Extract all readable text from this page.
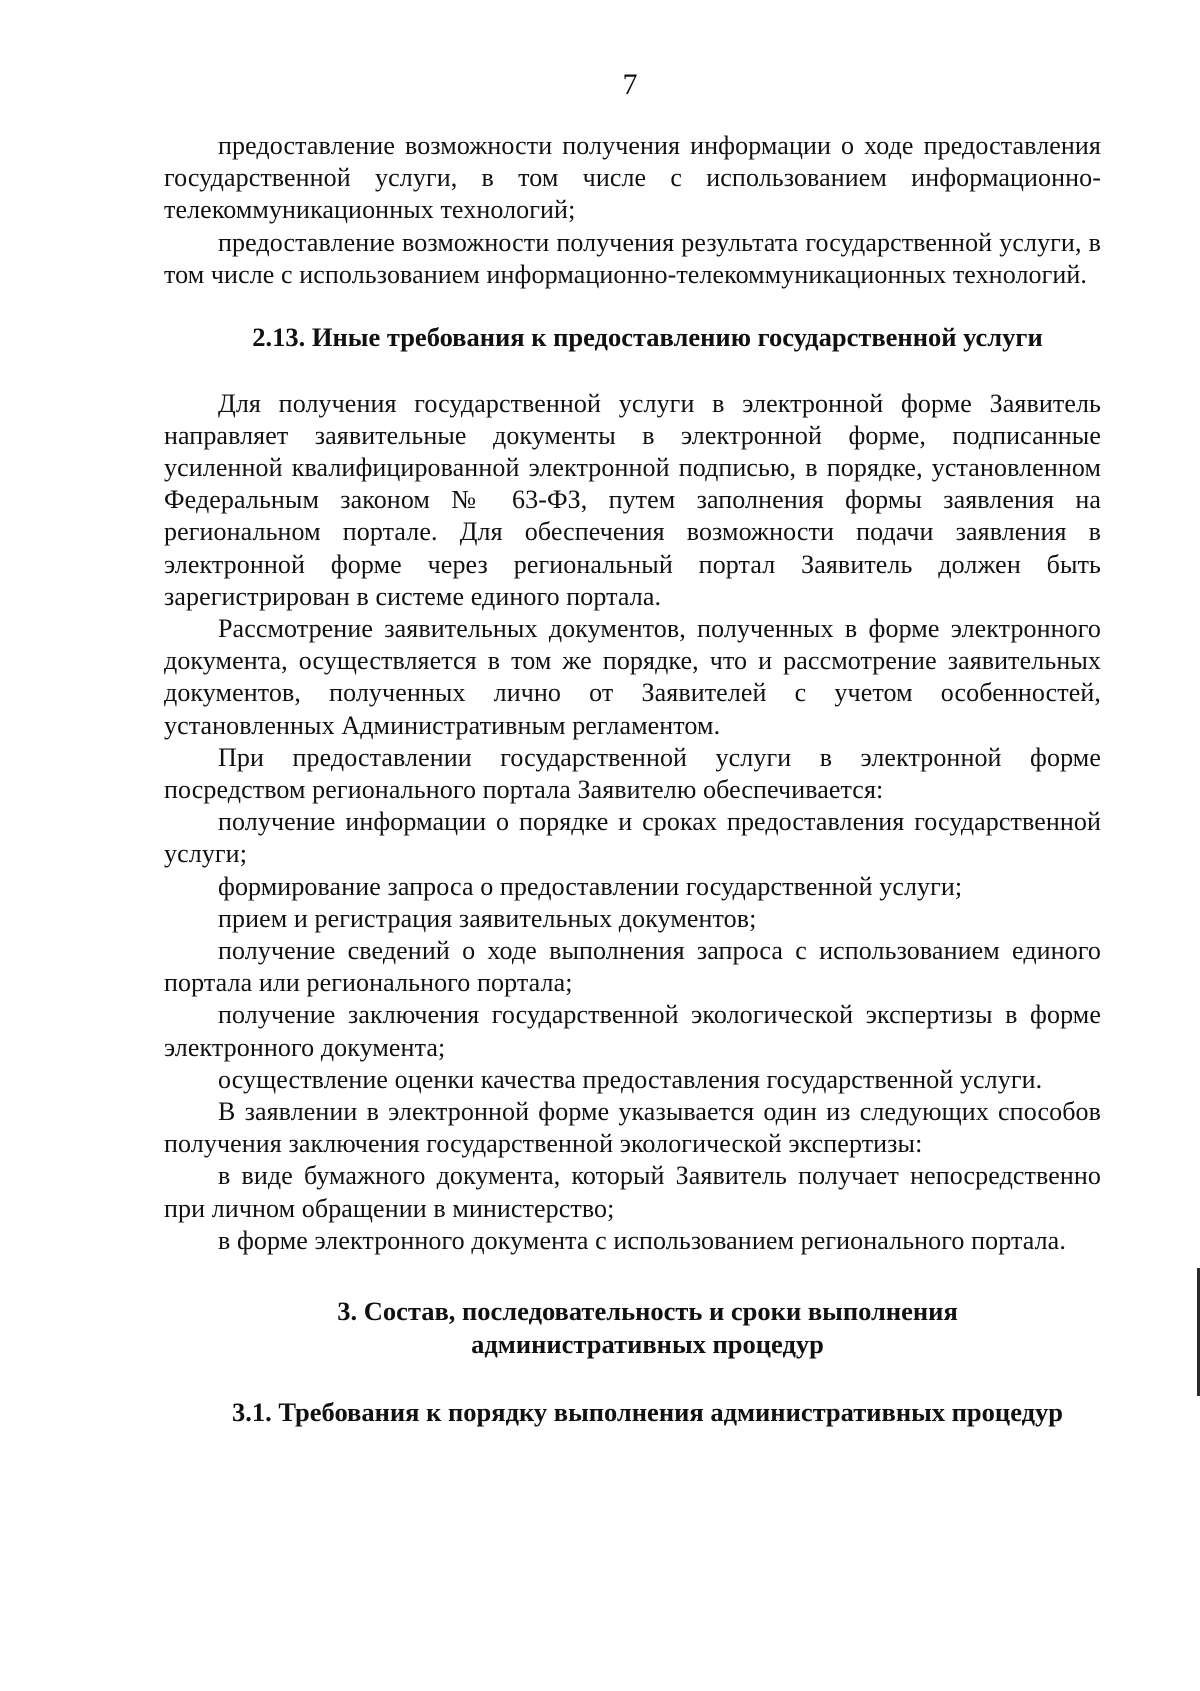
7

предоставление возможности получения информации о ходе предоставления государственной услуги, в том числе с использованием информационно-телекоммуникационных технологий;

предоставление возможности получения результата государственной услуги, в том числе с использованием информационно-телекоммуникационных технологий.

2.13. Иные требования к предоставлению государственной услуги

Для получения государственной услуги в электронной форме Заявитель направляет заявительные документы в электронной форме, подписанные усиленной квалифицированной электронной подписью, в порядке, установленном Федеральным законом № 63-ФЗ, путем заполнения формы заявления на региональном портале. Для обеспечения возможности подачи заявления в электронной форме через региональный портал Заявитель должен быть зарегистрирован в системе единого портала.

Рассмотрение заявительных документов, полученных в форме электронного документа, осуществляется в том же порядке, что и рассмотрение заявительных документов, полученных лично от Заявителей с учетом особенностей, установленных Административным регламентом.

При предоставлении государственной услуги в электронной форме посредством регионального портала Заявителю обеспечивается:

получение информации о порядке и сроках предоставления государственной услуги;

формирование запроса о предоставлении государственной услуги;

прием и регистрация заявительных документов;

получение сведений о ходе выполнения запроса с использованием единого портала или регионального портала;

получение заключения государственной экологической экспертизы в форме электронного документа;

осуществление оценки качества предоставления государственной услуги.

В заявлении в электронной форме указывается один из следующих способов получения заключения государственной экологической экспертизы:

в виде бумажного документа, который Заявитель получает непосредственно при личном обращении в министерство;

в форме электронного документа с использованием регионального портала.

3. Состав, последовательность и сроки выполнения
административных процедур
3.1. Требования к порядку выполнения административных процедур
